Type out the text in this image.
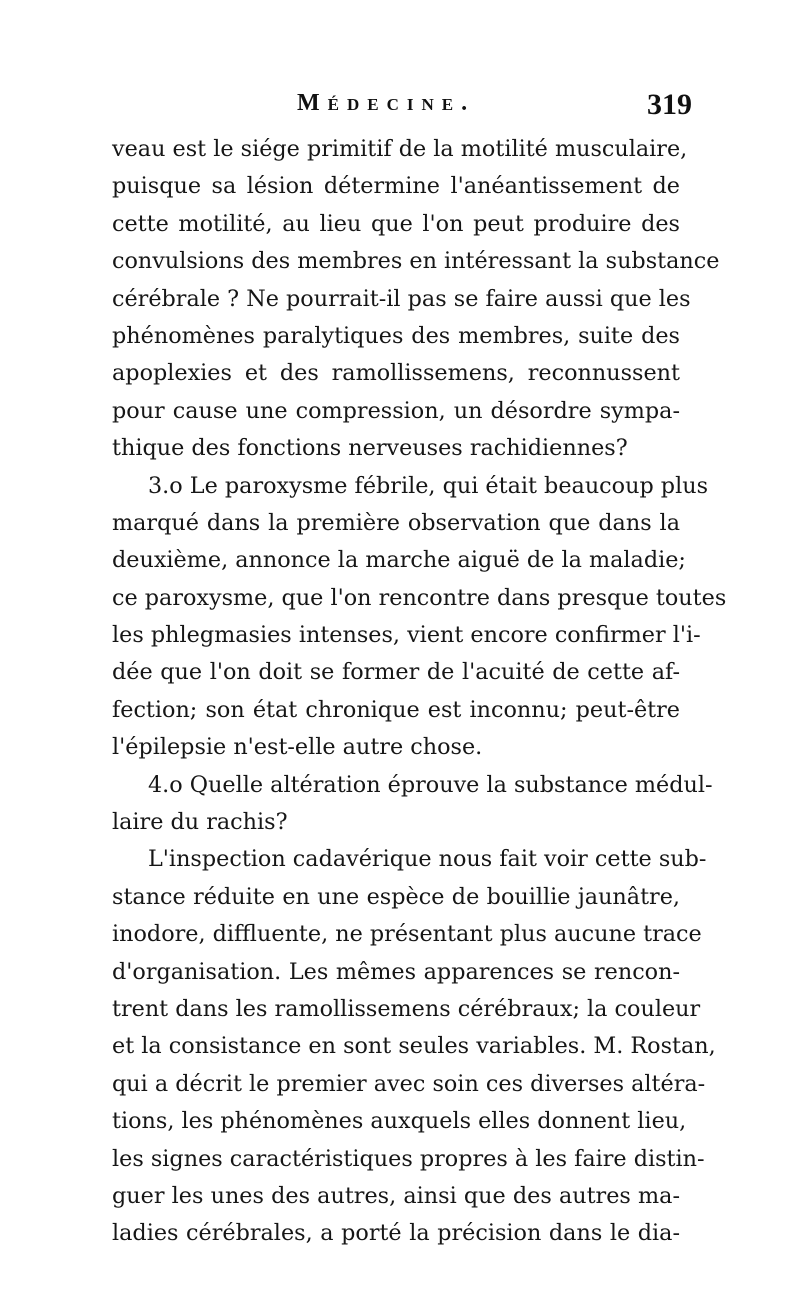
Médecine.	319
veau est le siége primitif de la motilité musculaire,
puisque sa lésion détermine l'anéantissement de
cette motilité, au lieu que l'on peut produire des
convulsions des membres en intéressant la substance
cérébrale ? Ne pourrait-il pas se faire aussi que les
phénomènes paralytiques des membres, suite des
apoplexies et des ramollissemens, reconnussent
pour cause une compression, un désordre sympa-
thique des fonctions nerveuses rachidiennes?
3.o Le paroxysme fébrile, qui était beaucoup plus
marqué dans la première observation que dans la
deuxième, annonce la marche aiguë de la maladie;
ce paroxysme, que l'on rencontre dans presque toutes
les phlegmasies intenses, vient encore confirmer l'i-
dée que l'on doit se former de l'acuité de cette af-
fection; son état chronique est inconnu; peut-être
l'épilepsie n'est-elle autre chose.
4.o Quelle altération éprouve la substance médul-
laire du rachis?
L'inspection cadavérique nous fait voir cette sub-
stance réduite en une espèce de bouillie jaunâtre,
inodore, diffluente, ne présentant plus aucune trace
d'organisation. Les mêmes apparences se rencon-
trent dans les ramollissemens cérébraux; la couleur
et la consistance en sont seules variables. M. Rostan,
qui a décrit le premier avec soin ces diverses altéra-
tions, les phénomènes auxquels elles donnent lieu,
les signes caractéristiques propres à les faire distin-
guer les unes des autres, ainsi que des autres ma-
ladies cérébrales, a porté la précision dans le dia-
